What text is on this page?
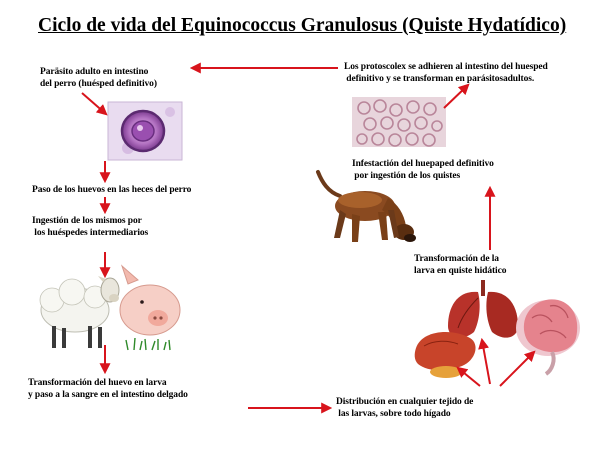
Ciclo de vida del Equinococcus Granulosus (Quiste Hydatídico)
Paräsito adulto en intestino
del perro (huésped definitivo)
Paso de los huevos en las heces del perro
Ingestión de los mismos por
los huéspedes intermediarios
Transformación del huevo en larva
y paso a la sangre en el intestino delgado
Distribución en cualquier tejido de
las larvas, sobre todo hígado
Transformación de la
larva en quiste hidático
Infestactión del huepaped definitivo
por ingestión de los quistes
Los protoscolex se adhieren al intestino del huesped
definitivo y se transforman en parásitosadultos.
